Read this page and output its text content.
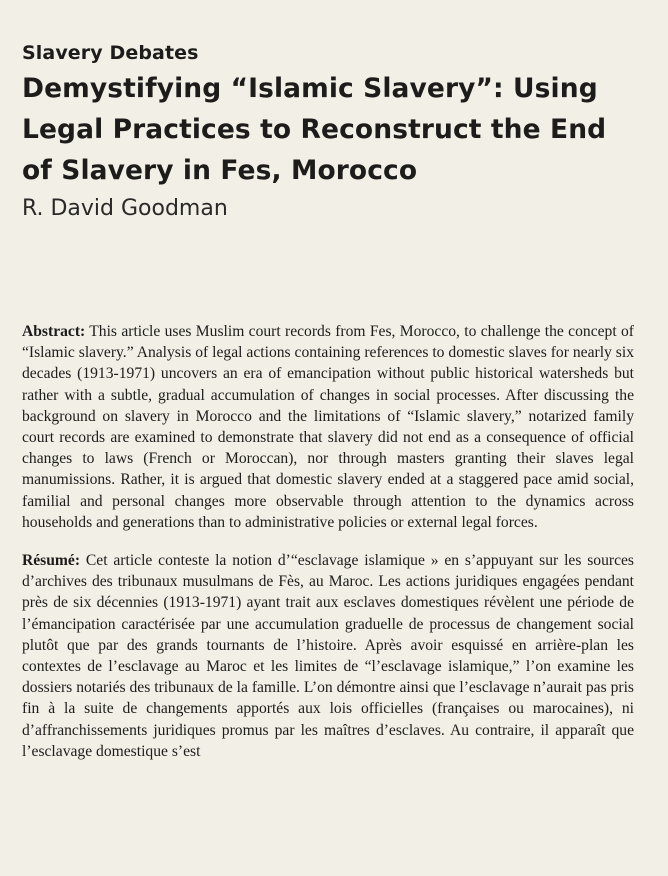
Slavery Debates
Demystifying “Islamic Slavery”: Using Legal Practices to Reconstruct the End of Slavery in Fes, Morocco
R. David Goodman

Abstract: This article uses Muslim court records from Fes, Morocco, to challenge the concept of “Islamic slavery.” Analysis of legal actions containing references to domestic slaves for nearly six decades (1913-1971) uncovers an era of emancipation without public historical watersheds but rather with a subtle, gradual accumulation of changes in social processes. After discussing the background on slavery in Morocco and the limitations of “Islamic slavery,” notarized family court records are examined to demonstrate that slavery did not end as a consequence of official changes to laws (French or Moroccan), nor through masters granting their slaves legal manumissions. Rather, it is argued that domestic slavery ended at a staggered pace amid social, familial and personal changes more observable through attention to the dynamics across households and generations than to administrative policies or external legal forces.

Résumé: Cet article conteste la notion d’“esclavage islamique » en s’appuyant sur les sources d’archives des tribunaux musulmans de Fès, au Maroc. Les actions juridiques engagées pendant près de six décennies (1913-1971) ayant trait aux esclaves domestiques révèlent une période de l’émancipation caractérisée par une accumulation graduelle de processus de changement social plutôt que par des grands tournants de l’histoire. Après avoir esquissé en arrière-plan les contextes de l’esclavage au Maroc et les limites de “l’esclavage islamique,” l’on examine les dossiers notariés des tribunaux de la famille. L’on démontre ainsi que l’esclavage n’aurait pas pris fin à la suite de changements apportés aux lois officielles (françaises ou marocaines), ni d’affranchissements juridiques promus par les maîtres d’esclaves. Au contraire, il apparaît que l’esclavage domestique s’est
